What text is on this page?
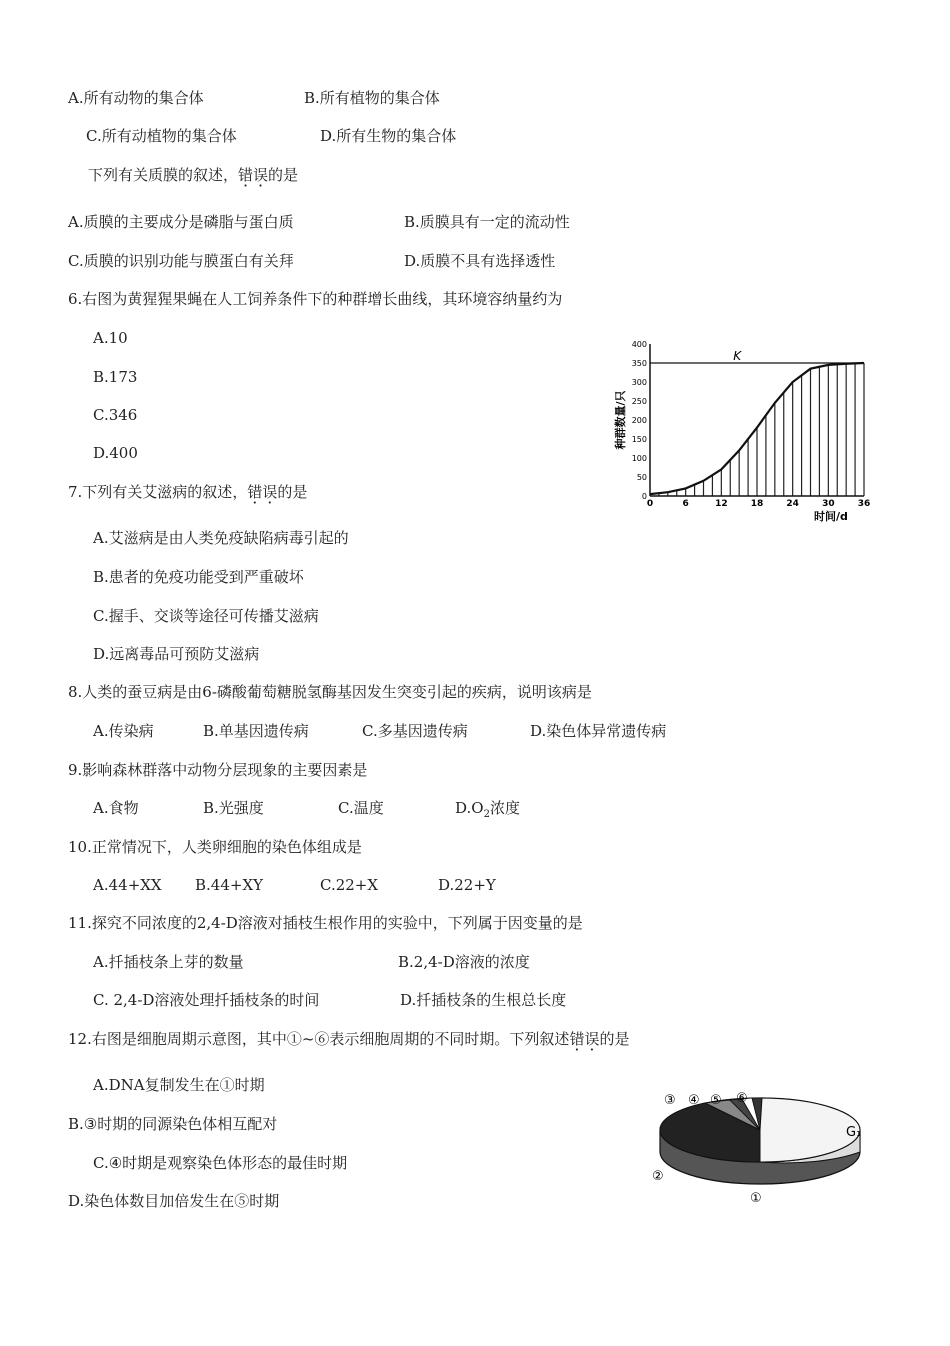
A.所有动物的集合体	B.所有植物的集合体
C.所有动植物的集合体	D.所有生物的集合体
下列有关质膜的叙述，错误的是
A.质膜的主要成分是磷脂与蛋白质	B.质膜具有一定的流动性
C.质膜的识别功能与膜蛋白有关拜	D.质膜不具有选择透性
6.右图为黄猩猩果蝇在人工饲养条件下的种群增长曲线，其环境容纳量约为
A.10
B.173
C.346
D.400
K
0
50
100
150
200
250
300
350
400
0	6	12	18	24	30	36
种群数量/只
时间/d
7.下列有关艾滋病的叙述，错误的是
A.艾滋病是由人类免疫缺陷病毒引起的
B.患者的免疫功能受到严重破坏
C.握手、交谈等途径可传播艾滋病
D.远离毒品可预防艾滋病
8.人类的蚕豆病是由6-磷酸葡萄糖脱氢酶基因发生突变引起的疾病，说明该病是
A.传染病	B.单基因遗传病	C.多基因遗传病	D.染色体异常遗传病
9.影响森林群落中动物分层现象的主要因素是
A.食物	B.光强度	C.温度	$D.O_2$浓度
10.正常情况下，人类卵细胞的染色体组成是
A.44+XX B.44+XY	C.22+X	D.22+Y
11.探究不同浓度的2,4-D溶液对插枝生根作用的实验中，下列属于因变量的是
A.扦插枝条上芽的数量	B.2,4-D溶液的浓度
C. 2,4-D溶液处理扦插枝条的时间	D.扦插枝条的生根总长度
12.右图是细胞周期示意图，其中①~⑥表示细胞周期的不同时期。下列叙述错误的是
A.DNA复制发生在①时期
B.③时期的同源染色体相互配对
C.④时期是观察染色体形态的最佳时期
D.染色体数目加倍发生在⑤时期
③ ④ ⑤ ⑥
G₁
②
①
